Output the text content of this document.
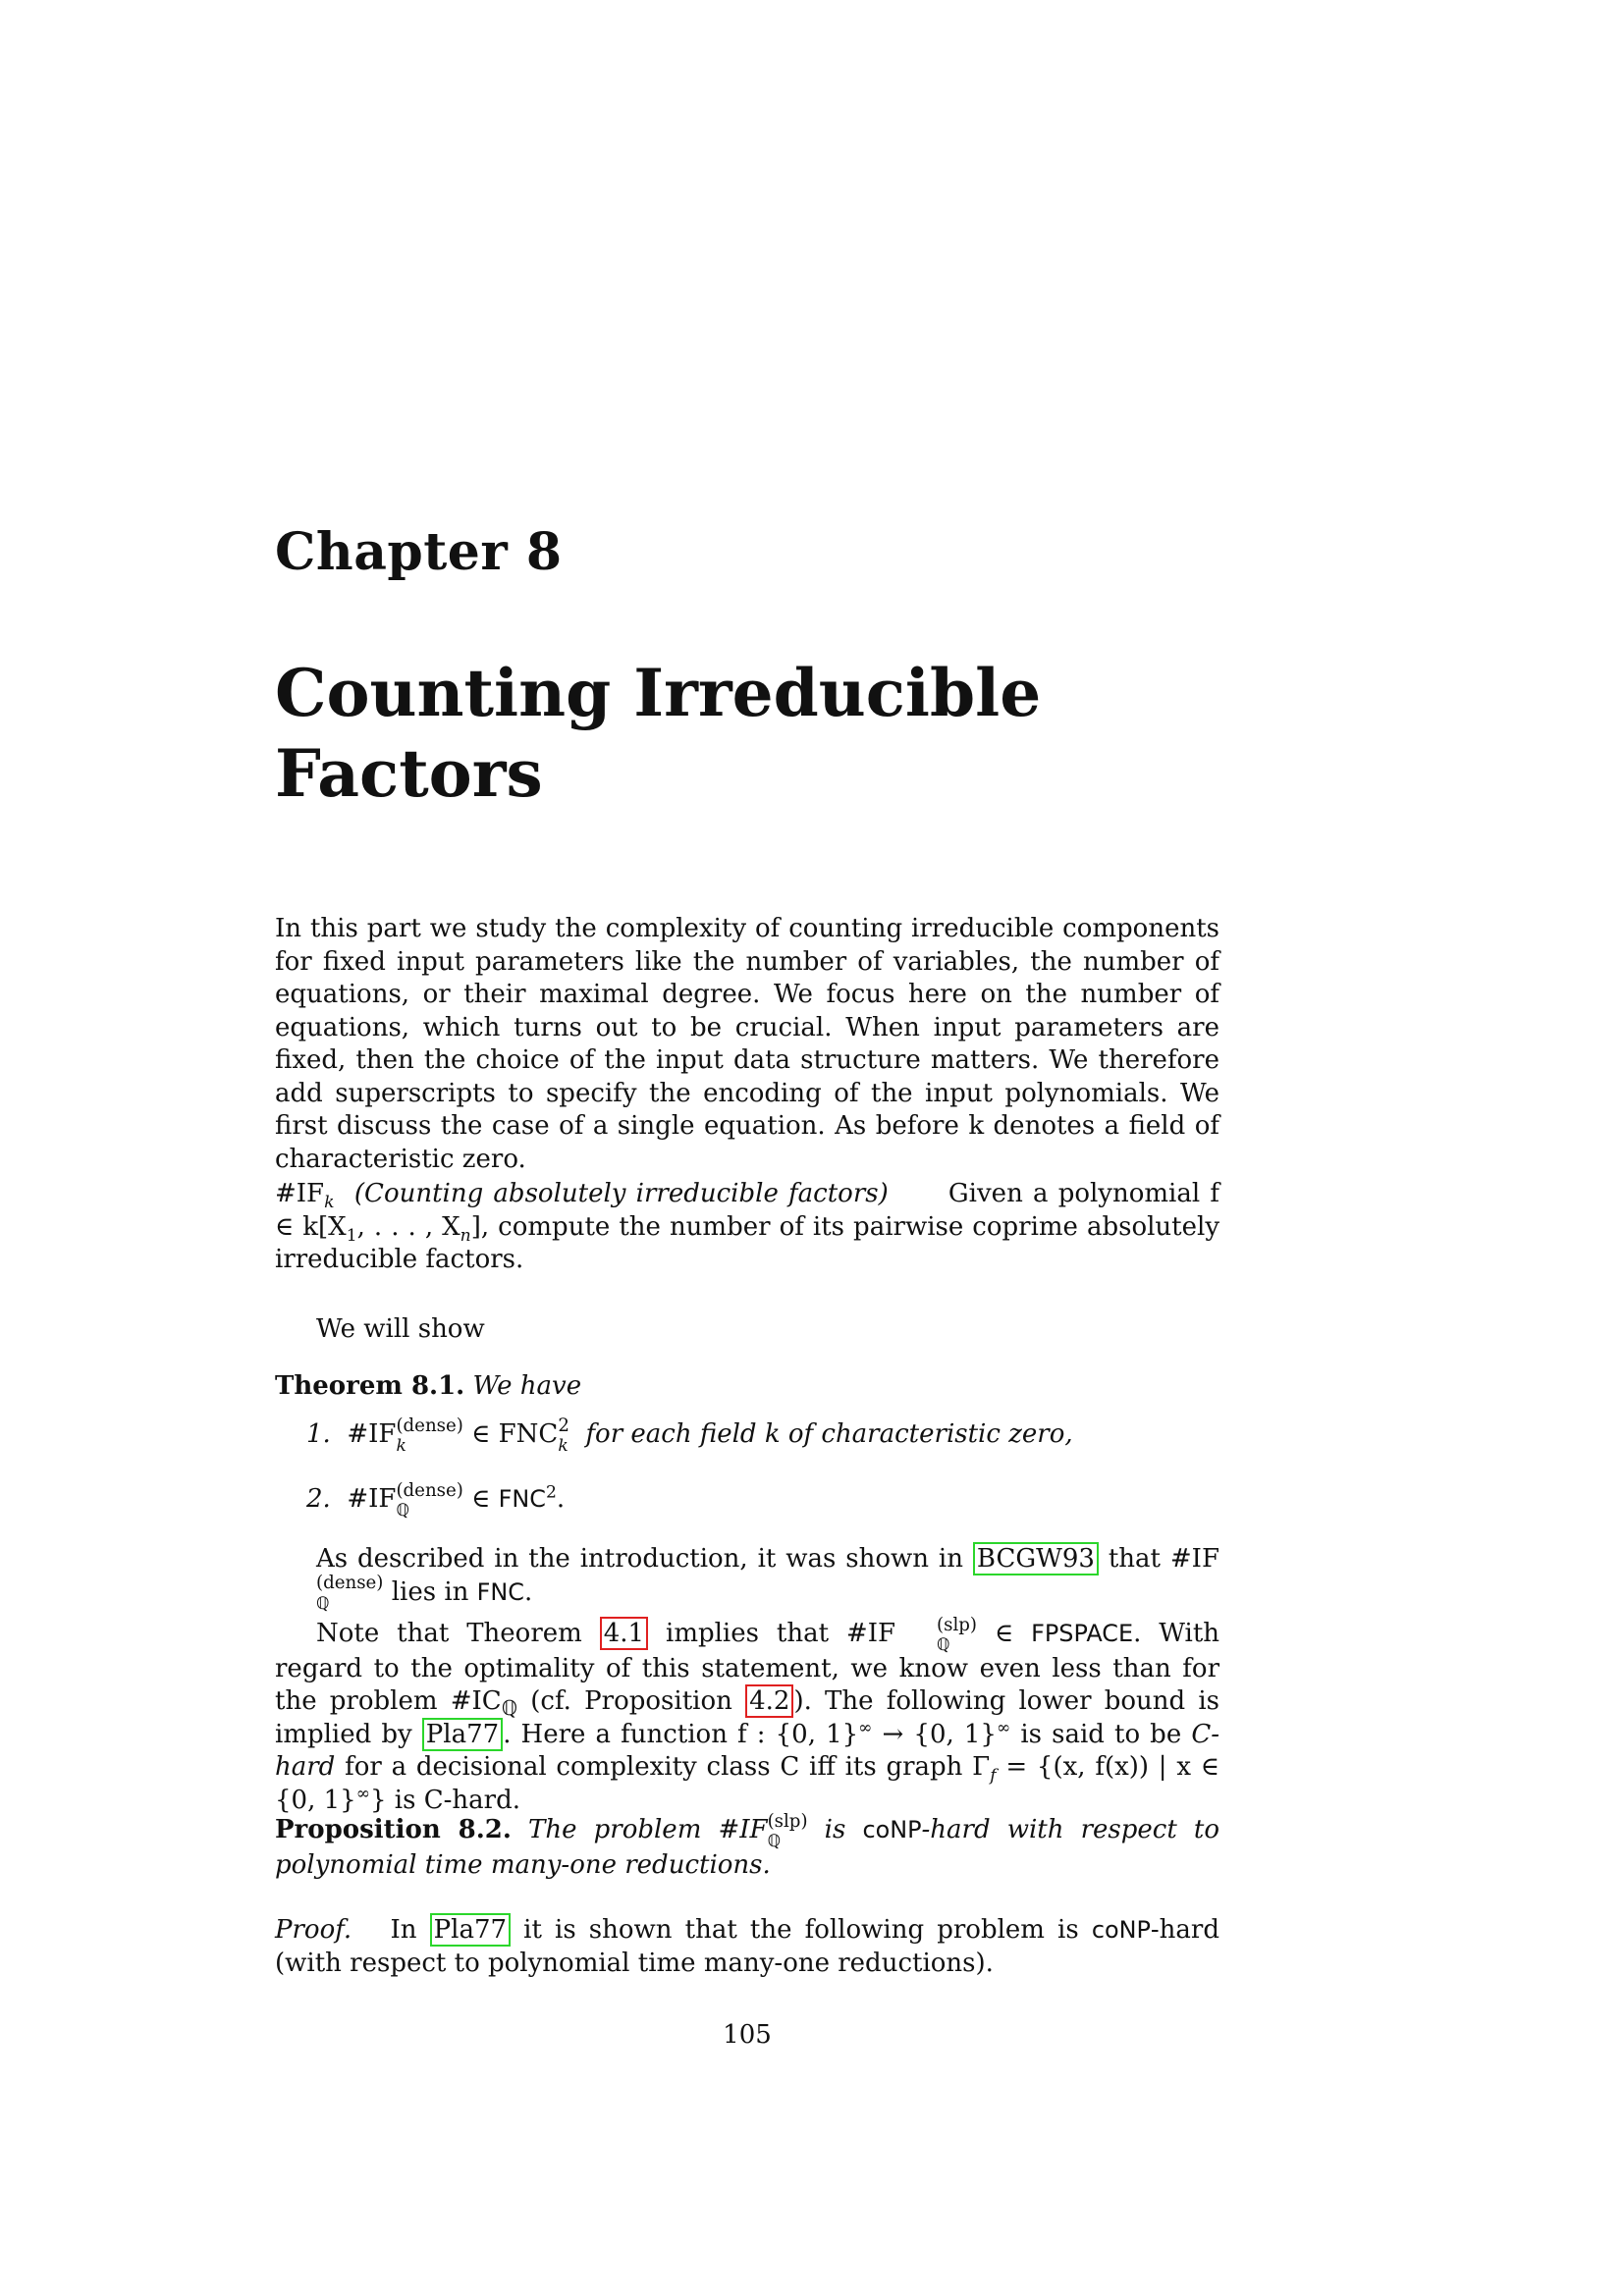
Chapter 8
Counting Irreducible Factors
In this part we study the complexity of counting irreducible components for fixed input parameters like the number of variables, the number of equations, or their maximal degree. We focus here on the number of equations, which turns out to be crucial. When input parameters are fixed, then the choice of the input data structure matters. We therefore add superscripts to specify the encoding of the input polynomials. We first discuss the case of a single equation. As before k denotes a field of characteristic zero.
$\#IF_k$ (Counting absolutely irreducible factors) Given a polynomial f ∈ $k[X_1$, . . . , $X_n$], compute the number of its pairwise coprime absolutely irreducible factors.
We will show
Theorem 8.1. We have
1.  $\#IF^{(dense)}$
k ∈ FNC$^2$
k for each field k of characteristic zero,
2.  $\#IF^{(dense)}$
ℚ ∈ FNC$^2$.
As described in the introduction, it was shown in BCGW93 that $\#IF^{(dense)}$
ℚ lies in FNC.
Note that Theorem 4.1 implies that #IF $^{(slp)}$
ℚ ∈ FPSPACE. With regard to the optimality of this statement, we know even less than for the problem $\#IC_ℚ$ (cf. Proposition 4.2 ). The following lower bound is implied by Pla77 . Here a function f : {0, 1}∞ → {0, 1}∞ is said to be C-hard for a decisional complexity class C iff its graph $\Gamma_f = \{(x$, f(x)) | x ∈ {0, 1}∞} is C-hard.
Proposition 8.2. The problem $\#IF^{(slp)}$
ℚ is coNP-hard with respect to polynomial time many-one reductions.
Proof. In Pla77 it is shown that the following problem is coNP-hard (with respect to polynomial time many-one reductions).
105
